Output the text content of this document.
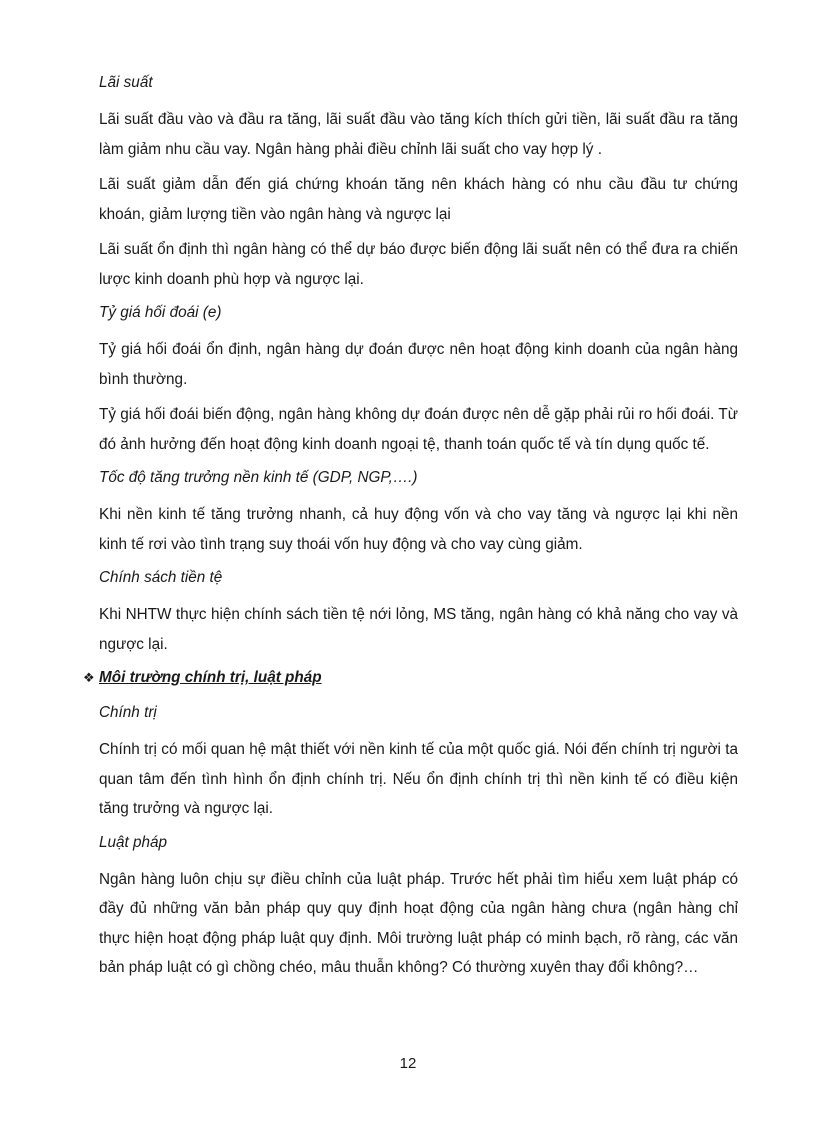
Lãi suất

Lãi suất đầu vào và đầu ra tăng, lãi suất đầu vào tăng kích thích gửi tiền, lãi suất đầu ra tăng làm giảm nhu cầu vay. Ngân hàng phải điều chỉnh lãi suất cho vay hợp lý .

Lãi suất giảm dẫn đến giá chứng khoán tăng nên khách hàng có nhu cầu đầu tư chứng khoán, giảm lượng tiền vào ngân hàng và ngược lại

Lãi suất ổn định thì ngân hàng có thể dự báo được biến động lãi suất nên có thể đưa ra chiến lược kinh doanh phù hợp và ngược lại.

Tỷ giá hối đoái (e)

Tỷ giá hối đoái ổn định, ngân hàng dự đoán được nên hoạt động kinh doanh của ngân hàng bình thường.

Tỷ giá hối đoái biến động, ngân hàng không dự đoán được nên dễ gặp phải rủi ro hối đoái. Từ đó ảnh hưởng đến hoạt động kinh doanh ngoại tệ, thanh toán quốc tế và tín dụng quốc tế.

Tốc độ tăng trưởng nền kinh tế (GDP, NGP,….)

Khi nền kinh tế tăng trưởng nhanh, cả huy động vốn và cho vay tăng và ngược lại khi nền kinh tế rơi vào tình trạng suy thoái vốn huy động và cho vay cùng giảm.

Chính sách tiền tệ

Khi NHTW thực hiện chính sách tiền tệ nới lỏng, MS tăng, ngân hàng có khả năng cho vay và ngược lại.

❖ Môi trường chính trị, luật pháp
Chính trị

Chính trị có mối quan hệ mật thiết với nền kinh tế của một quốc giá. Nói đến chính trị người ta quan tâm đến tình hình ổn định chính trị. Nếu ổn định chính trị thì nền kinh tế có điều kiện tăng trưởng và ngược lại.

Luật pháp

Ngân hàng luôn chịu sự điều chỉnh của luật pháp. Trước hết phải tìm hiểu xem luật pháp có đầy đủ những văn bản pháp quy quy định hoạt động của ngân hàng chưa (ngân hàng chỉ thực hiện hoạt động pháp luật quy định. Môi trường luật pháp có minh bạch, rõ ràng, các văn bản pháp luật có gì chồng chéo, mâu thuẫn không? Có thường xuyên thay đổi không?…

12
